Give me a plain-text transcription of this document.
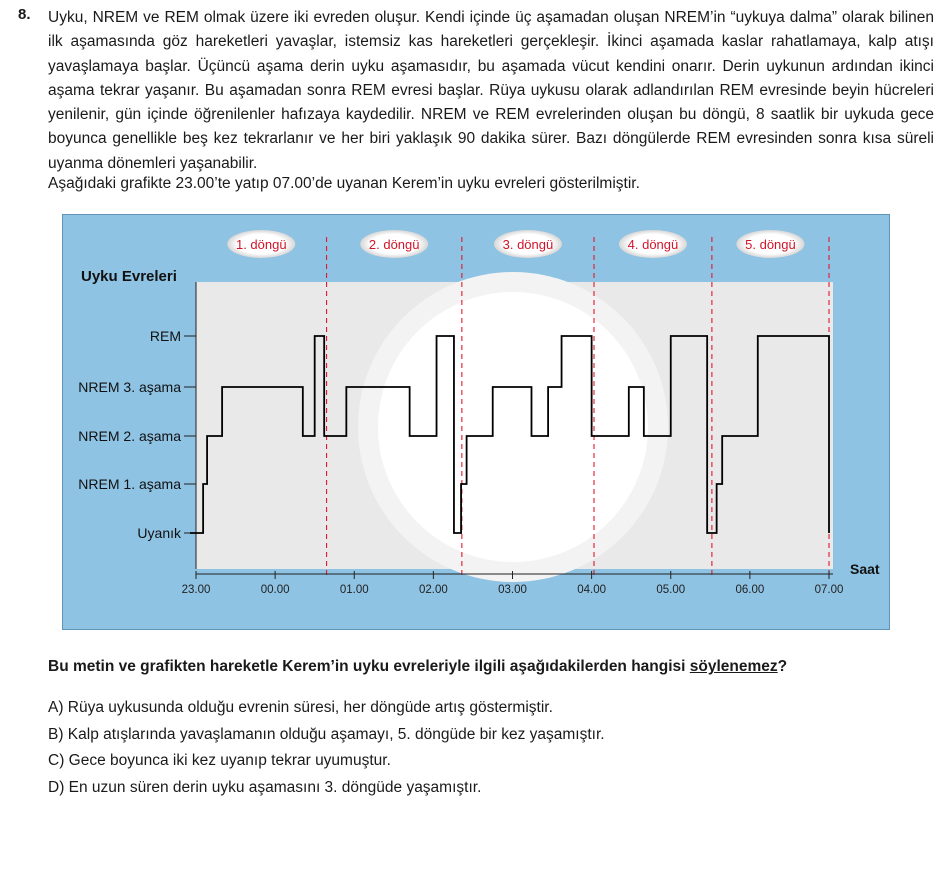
8. Uyku, NREM ve REM olmak üzere iki evreden oluşur. Kendi içinde üç aşamadan oluşan NREM’in “uykuya dalma” olarak bilinen ilk aşamasında göz hareketleri yavaşlar, istemsiz kas hareketleri gerçekleşir. İkinci aşamada kaslar rahatlamaya, kalp atışı yavaşlamaya başlar. Üçüncü aşama derin uyku aşamasıdır, bu aşamada vücut kendini onarır. Derin uykunun ardından ikinci aşama tekrar yaşanır. Bu aşamadan sonra REM evresi başlar. Rüya uykusu olarak adlandırılan REM evresinde beyin hücreleri yenilenir, gün içinde öğrenilenler hafızaya kaydedilir. NREM ve REM evrelerinden oluşan bu döngü, 8 saatlik bir uykuda gece boyunca genellikle beş kez tekrarlanır ve her biri yaklaşık 90 dakika sürer. Bazı döngülerde REM evresinden sonra kısa süreli uyanma dönemleri yaşanabilir.

Aşağıdaki grafikte 23.00’te yatıp 07.00’de uyanan Kerem’in uyku evreleri gösterilmiştir.

1. döngü	2. döngü	3. döngü	4. döngü	5. döngü
Uyanık
NREM 1. aşama
NREM 2. aşama
NREM 3. aşama
REM
23.00	00.00	01.00	02.00	03.00	04.00	05.00	06.00	07.00
Uyku Evreleri
Saat

Bu metin ve grafikten hareketle Kerem’in uyku evreleriyle ilgili aşağıdakilerden hangisi söylenemez?

A) Rüya uykusunda olduğu evrenin süresi, her döngüde artış göstermiştir.
B) Kalp atışlarında yavaşlamanın olduğu aşamayı, 5. döngüde bir kez yaşamıştır.
C) Gece boyunca iki kez uyanıp tekrar uyumuştur.
D) En uzun süren derin uyku aşamasını 3. döngüde yaşamıştır.
